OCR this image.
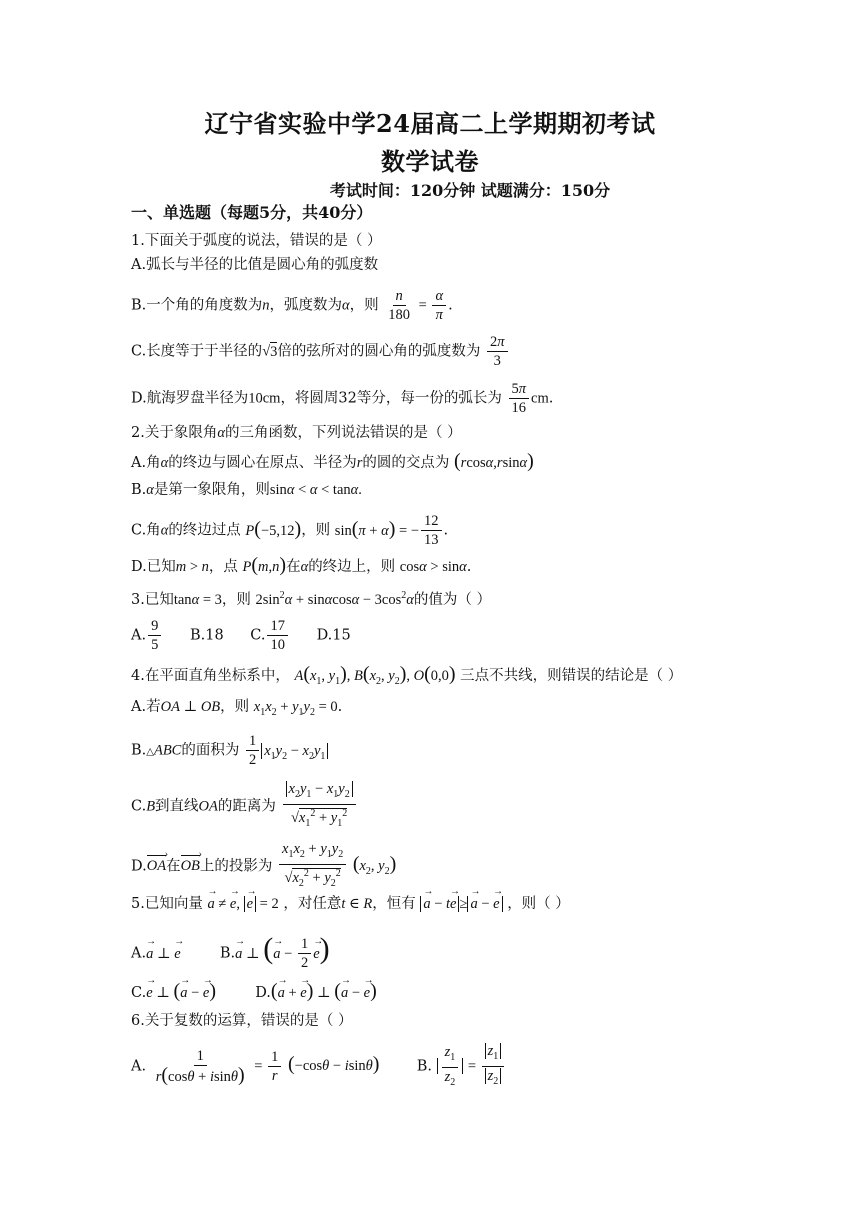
辽宁省实验中学24届高二上学期期初考试
数学试卷
考试时间：120分钟 试题满分：150分
一、单选题（每题5分，共40分）
1.下面关于弧度的说法，错误的是（ ）
A.弧长与半径的比值是圆心角的弧度数
B.一个角的角度数为n，弧度数为α，则 $\frac{n}{180} = \frac{\alpha}{\pi}$ .
C.长度等于于半径的√3倍的弦所对的圆心角的弧度数为 $\frac{2\pi}{3}$
D.航海罗盘半径为10cm，将圆周32等分，每一份的弧长为 $\frac{5\pi}{16}$ cm.
2.关于象限角α的三角函数，下列说法错误的是（ ）
A.角α的终边与圆心在原点、半径为r的圆的交点为 (rcosα,rsinα)
B.α是第一象限角，则sinα < α < tanα.
C.角α的终边过点 P(−5,12)，则 sin(π + α) = − $\frac{12}{13}$ .
D.已知m > n，点 P(m,n)在α的终边上，则 cosα > sinα.
3.已知tanα = 3，则 $2\sin^2\alpha + \sin\alpha\cos\alpha - 3\cos^2\alpha$的值为（ ）
A. $\frac{9}{5} B.18$ C. $\frac{17}{10} D.15$
4.在平面直角坐标系中， $A(x_1$, $y_1$), $B(x_2$, $y_2$), O(0,0) 三点不共线，则错误的结论是（ ）
A.若OA ⊥ OB，则 $x_1x_2 + y_1y_2 = 0$.
B.△ABC的面积为 $\frac{1}{2} x_1y_2 - x_2y_1$
C.B到直线OA的距离为 $\frac{x_2y_1 - x_1y_2}{√x_1^2 + y_1^2}$
D.OA ›在OB ›上的投影为 $\frac{x_1x_2 + y_1y_2}{√x_2^2 + y_2^2} (x_2$, $y_2$)
5.已知向量 a → ≠ e →, e → = 2 ，对任意t ∈ R，恒有 a → − te → ≥ a → − e → ，则（ ）
A.a → ⊥ e →	B.a → ⊥ (a → − $\frac{1}{2}$ e →)
C.e → ⊥ (a → − e →)	D.(a → + e →) ⊥ (a → − e →)
6.关于复数的运算，错误的是（ ）
A. $\frac{1}{r(\cos\theta + isin\theta)} = \frac{1}{r} (-\cos\theta - isin\theta)$	B. $\frac{z_1}{z_2} = \frac{z_1}{z_2}$
